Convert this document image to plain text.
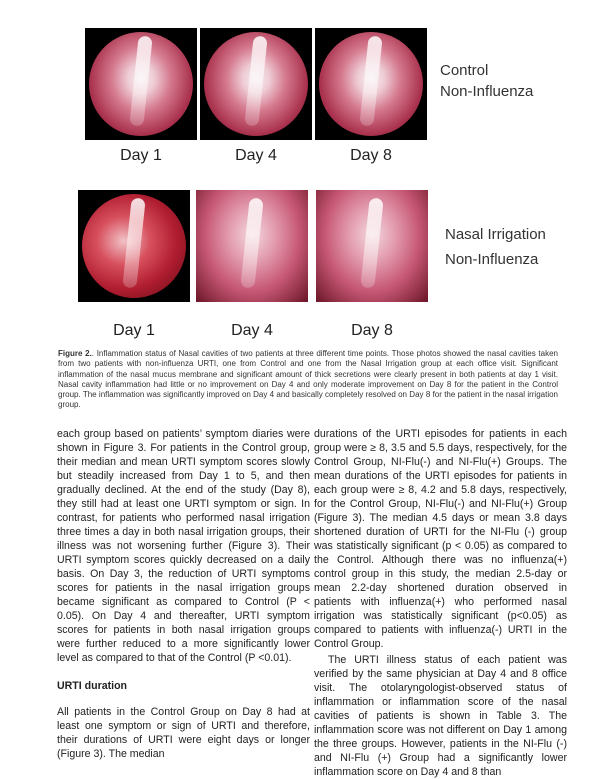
Day 1	Day 4	Day 8
Control
Non-Influenza
Day 1	Day 4	Day 8
Nasal Irrigation
Non-Influenza
Figure 2.. Inflammation status of Nasal cavities of two patients at three different time points. Those photos showed the nasal cavities taken from two patients with non-influenza URTI, one from Control and one from the Nasal Irrigation group at each office visit. Significant inflammation of the nasal mucus membrane and significant amount of thick secretions were clearly present in both patients at day 1 visit. Nasal cavity inflammation had little or no improvement on Day 4 and only moderate improvement on Day 8 for the patient in the Control group. The inflammation was significantly improved on Day 4 and basically completely resolved on Day 8 for the patient in the nasal irrigation group.

each group based on patients’ symptom diaries were shown in Figure 3. For patients in the Control group, their median and mean URTI symptom scores slowly but steadily increased from Day 1 to 5, and then gradually declined. At the end of the study (Day 8), they still had at least one URTI symptom or sign. In contrast, for patients who performed nasal irrigation three times a day in both nasal irrigation groups, their illness was not worsening further (Figure 3). Their URTI symptom scores quickly decreased on a daily basis. On Day 3, the reduction of URTI symptoms scores for patients in the nasal irrigation groups became significant as compared to Control (P < 0.05). On Day 4 and thereafter, URTI symptom scores for patients in both nasal irrigation groups were further reduced to a more significantly lower level as compared to that of the Control (P <0.01).

URTI duration

All patients in the Control Group on Day 8 had at least one symptom or sign of URTI and therefore, their durations of URTI were eight days or longer (Figure 3). The median

durations of the URTI episodes for patients in each group were ≥ 8, 3.5 and 5.5 days, respectively, for the Control Group, NI-Flu(-) and NI-Flu(+) Groups. The mean durations of the URTI episodes for patients in each group were ≥ 8, 4.2 and 5.8 days, respectively, for the Control Group, NI-Flu(-) and NI-Flu(+) Group (Figure 3). The median 4.5 days or mean 3.8 days shortened duration of URTI for the NI-Flu (-) group was statistically significant (p < 0.05) as compared to the Control. Although there was no influenza(+) control group in this study, the median 2.5-day or mean 2.2-day shortened duration observed in patients with influenza(+) who performed nasal irrigation was statistically significant (p<0.05) as compared to patients with influenza(-) URTI in the Control Group.

The URTI illness status of each patient was verified by the same physician at Day 4 and 8 office visit. The otolaryngologist-observed status of inflammation or inflammation score of the nasal cavities of patients is shown in Table 3. The inflammation score was not different on Day 1 among the three groups. However, patients in the NI-Flu (-) and NI-Flu (+) Group had a significantly lower inflammation score on Day 4 and 8 than
